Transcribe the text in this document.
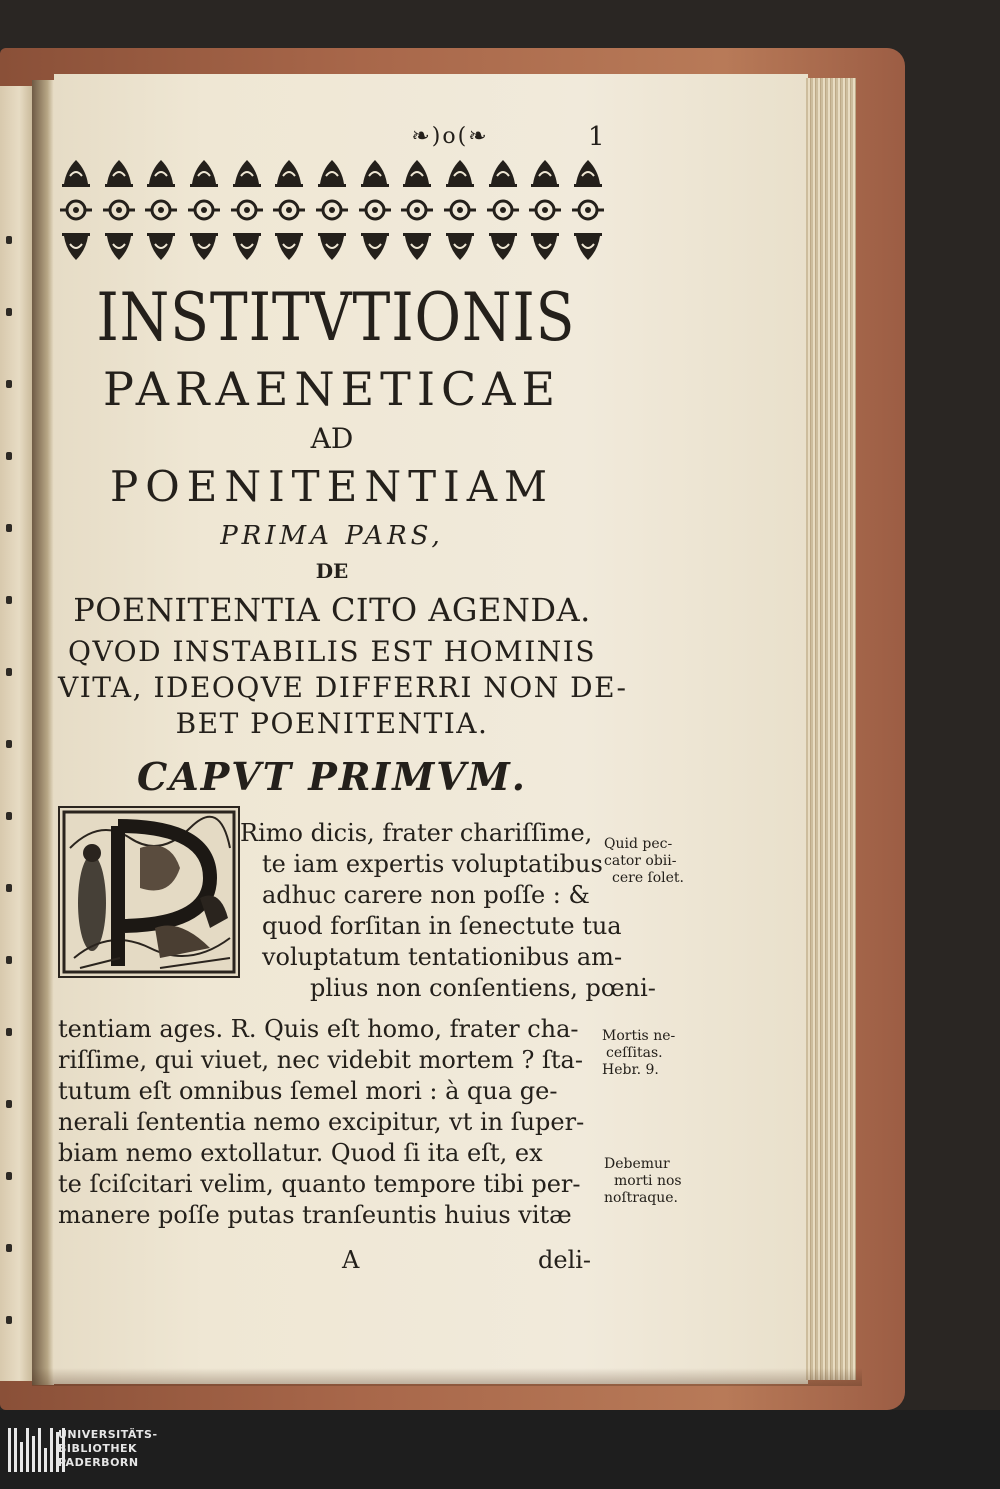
❧)o(❧	1
INSTITVTIONIS
PARAENETICAE
AD
POENITENTIAM
PRIMA PARS,
DE
POENITENTIA CITO AGENDA.
QVOD INSTABILIS EST HOMINIS
VITA, IDEOQVE DIFFERRI NON DE-
BET POENITENTIA.
CAPVT PRIMVM.
Rimo dicis, frater chariſſime,
te iam expertis voluptatibus
adhuc carere non poſſe : &
quod forſitan in ſenectute tua
voluptatum tentationibus am-
plius non conſentiens, pœni-
tentiam ages. R. Quis eſt homo, frater cha-
riſſime, qui viuet, nec videbit mortem ? ſta-
tutum eſt omnibus ſemel mori : à qua ge-
nerali ſententia nemo excipitur, vt in ſuper-
biam nemo extollatur. Quod ſi ita eſt, ex
te ſciſcitari velim, quanto tempore tibi per-
manere poſſe putas tranſeuntis huius vitæ
A	deli-
Quid pec-
cator obii-
cere ſolet.
Mortis ne-
ceſſitas.
Hebr. 9.
Debemur
morti nos
noſtraque.
UNIVERSITÄTS-
BIBLIOTHEK
PADERBORN
